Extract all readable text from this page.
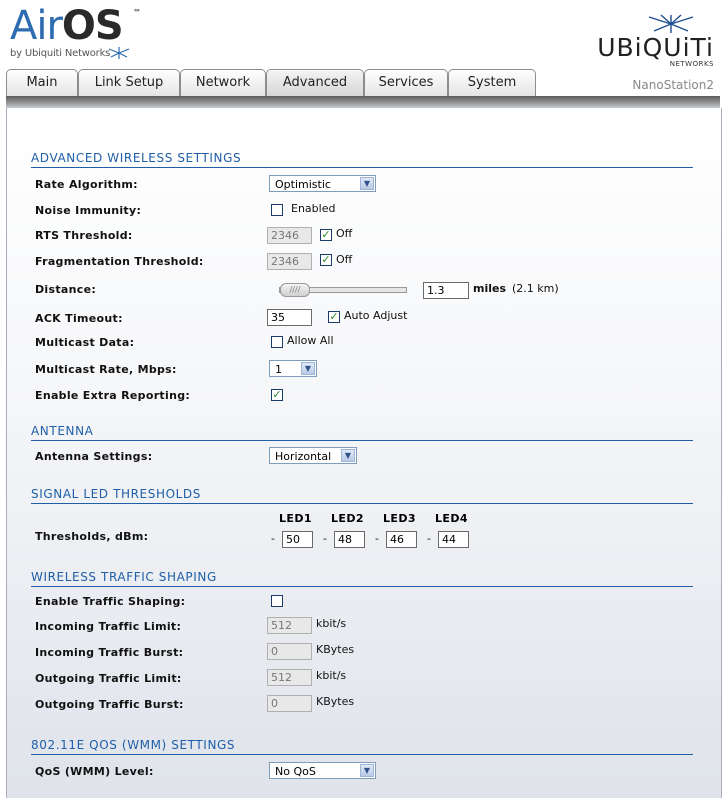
AirOS ™
by Ubiquiti Networks	UBiQUiTi
NETWORKS
NanoStation2
Main	Link Setup	Network	Advanced	Services	System
ADVANCED WIRELESS SETTINGS
Rate Algorithm:	Optimistic	▼
Noise Immunity:	Enabled
RTS Threshold:	2346	✓ Off
Fragmentation Threshold:	2346	✓ Off
Distance:	////	1.3	miles (2.1 km)
ACK Timeout:	35	✓ Auto Adjust
Multicast Data:	Allow All
Multicast Rate, Mbps:	1	▼
Enable Extra Reporting:	✓
ANTENNA
Antenna Settings:	Horizontal	▼
SIGNAL LED THRESHOLDS
LED1 LED2 LED3 LED4
Thresholds, dBm:	-	50	-	48	-	46	-	44
WIRELESS TRAFFIC SHAPING
Enable Traffic Shaping:
Incoming Traffic Limit:	512	kbit/s
Incoming Traffic Burst:	0	KBytes
Outgoing Traffic Limit:	512	kbit/s
Outgoing Traffic Burst:	0	KBytes
802.11E QOS (WMM) SETTINGS
QoS (WMM) Level:	No QoS	▼
